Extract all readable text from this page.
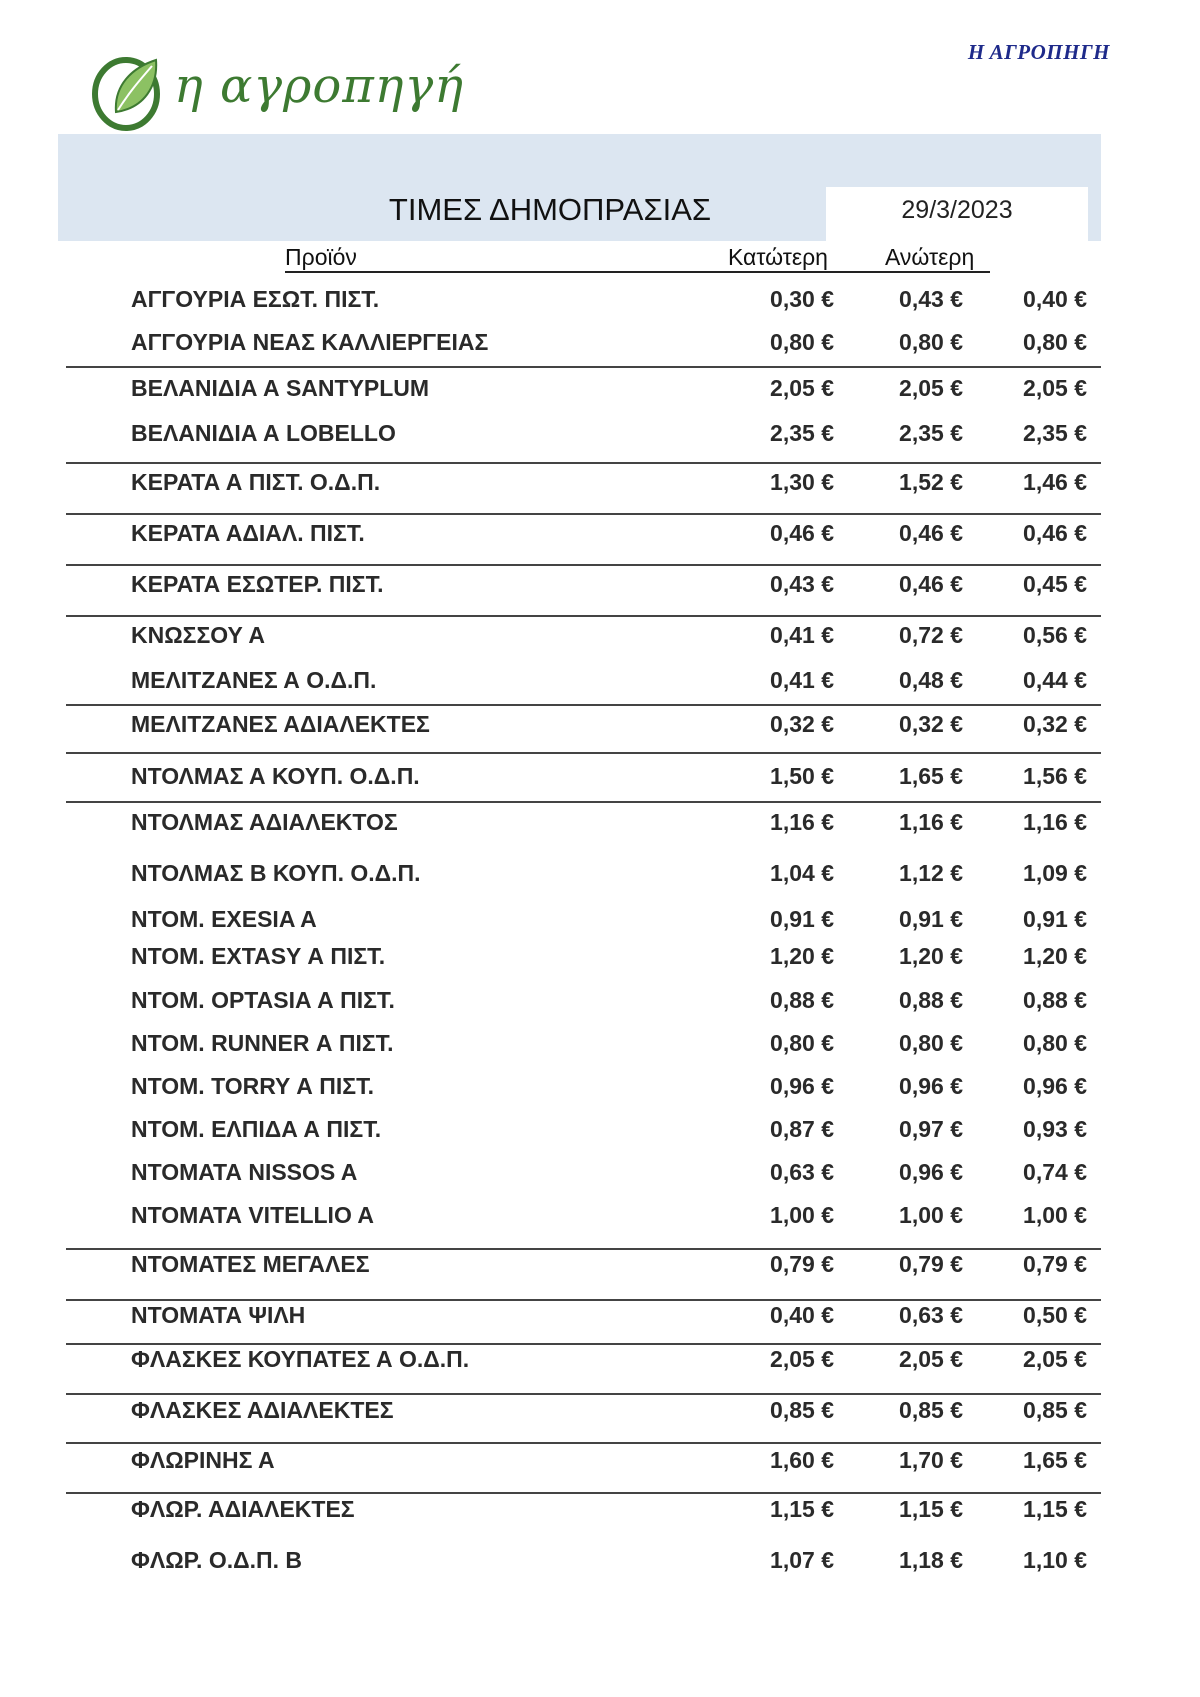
η αγροπηγή
Η ΑΓΡΟΠΗΓΗ
ΤΙΜΕΣ ΔΗΜΟΠΡΑΣΙΑΣ	29/3/2023
Προϊόν	Κατώτερη Ανώτερη
ΑΓΓΟΥΡΙΑ ΕΣΩΤ. ΠΙΣΤ.	0,30 €	0,43 €	0,40 €
ΑΓΓΟΥΡΙΑ ΝΕΑΣ ΚΑΛΛΙΕΡΓΕΙΑΣ	0,80 €	0,80 €	0,80 €
ΒΕΛΑΝΙΔΙΑ Α SANTYPLUM	2,05 €	2,05 €	2,05 €
ΒΕΛΑΝΙΔΙΑ Α LOBELLO	2,35 €	2,35 €	2,35 €
ΚΕΡΑΤΑ Α ΠΙΣΤ. Ο.Δ.Π.	1,30 €	1,52 €	1,46 €
ΚΕΡΑΤΑ ΑΔΙΑΛ. ΠΙΣΤ.	0,46 €	0,46 €	0,46 €
ΚΕΡΑΤΑ ΕΣΩΤΕΡ. ΠΙΣΤ.	0,43 €	0,46 €	0,45 €
ΚΝΩΣΣΟΥ Α	0,41 €	0,72 €	0,56 €
ΜΕΛΙΤΖΑΝΕΣ Α Ο.Δ.Π.	0,41 €	0,48 €	0,44 €
ΜΕΛΙΤΖΑΝΕΣ ΑΔΙΑΛΕΚΤΕΣ	0,32 €	0,32 €	0,32 €
ΝΤΟΛΜΑΣ Α ΚΟΥΠ. Ο.Δ.Π.	1,50 €	1,65 €	1,56 €
ΝΤΟΛΜΑΣ ΑΔΙΑΛΕΚΤΟΣ	1,16 €	1,16 €	1,16 €
ΝΤΟΛΜΑΣ Β ΚΟΥΠ. Ο.Δ.Π.	1,04 €	1,12 €	1,09 €
ΝΤΟΜ. EXESIA A	0,91 €	0,91 €	0,91 €
ΝΤΟΜ. EXTASY Α ΠΙΣΤ.	1,20 €	1,20 €	1,20 €
ΝΤΟΜ. OPTASIA Α ΠΙΣΤ.	0,88 €	0,88 €	0,88 €
ΝΤΟΜ. RUNNER Α ΠΙΣΤ.	0,80 €	0,80 €	0,80 €
ΝΤΟΜ. TORRY Α ΠΙΣΤ.	0,96 €	0,96 €	0,96 €
ΝΤΟΜ. ΕΛΠΙΔΑ Α ΠΙΣΤ.	0,87 €	0,97 €	0,93 €
ΝΤΟΜΑΤΑ NISSOS A	0,63 €	0,96 €	0,74 €
ΝΤΟΜΑΤΑ VITELLIO A	1,00 €	1,00 €	1,00 €
ΝΤΟΜΑΤΕΣ ΜΕΓΑΛΕΣ	0,79 €	0,79 €	0,79 €
ΝΤΟΜΑΤΑ ΨΙΛΗ	0,40 €	0,63 €	0,50 €
ΦΛΑΣΚΕΣ ΚΟΥΠΑΤΕΣ Α Ο.Δ.Π.	2,05 €	2,05 €	2,05 €
ΦΛΑΣΚΕΣ ΑΔΙΑΛΕΚΤΕΣ	0,85 €	0,85 €	0,85 €
ΦΛΩΡΙΝΗΣ Α	1,60 €	1,70 €	1,65 €
ΦΛΩΡ. ΑΔΙΑΛΕΚΤΕΣ	1,15 €	1,15 €	1,15 €
ΦΛΩΡ. Ο.Δ.Π. Β	1,07 €	1,18 €	1,10 €
